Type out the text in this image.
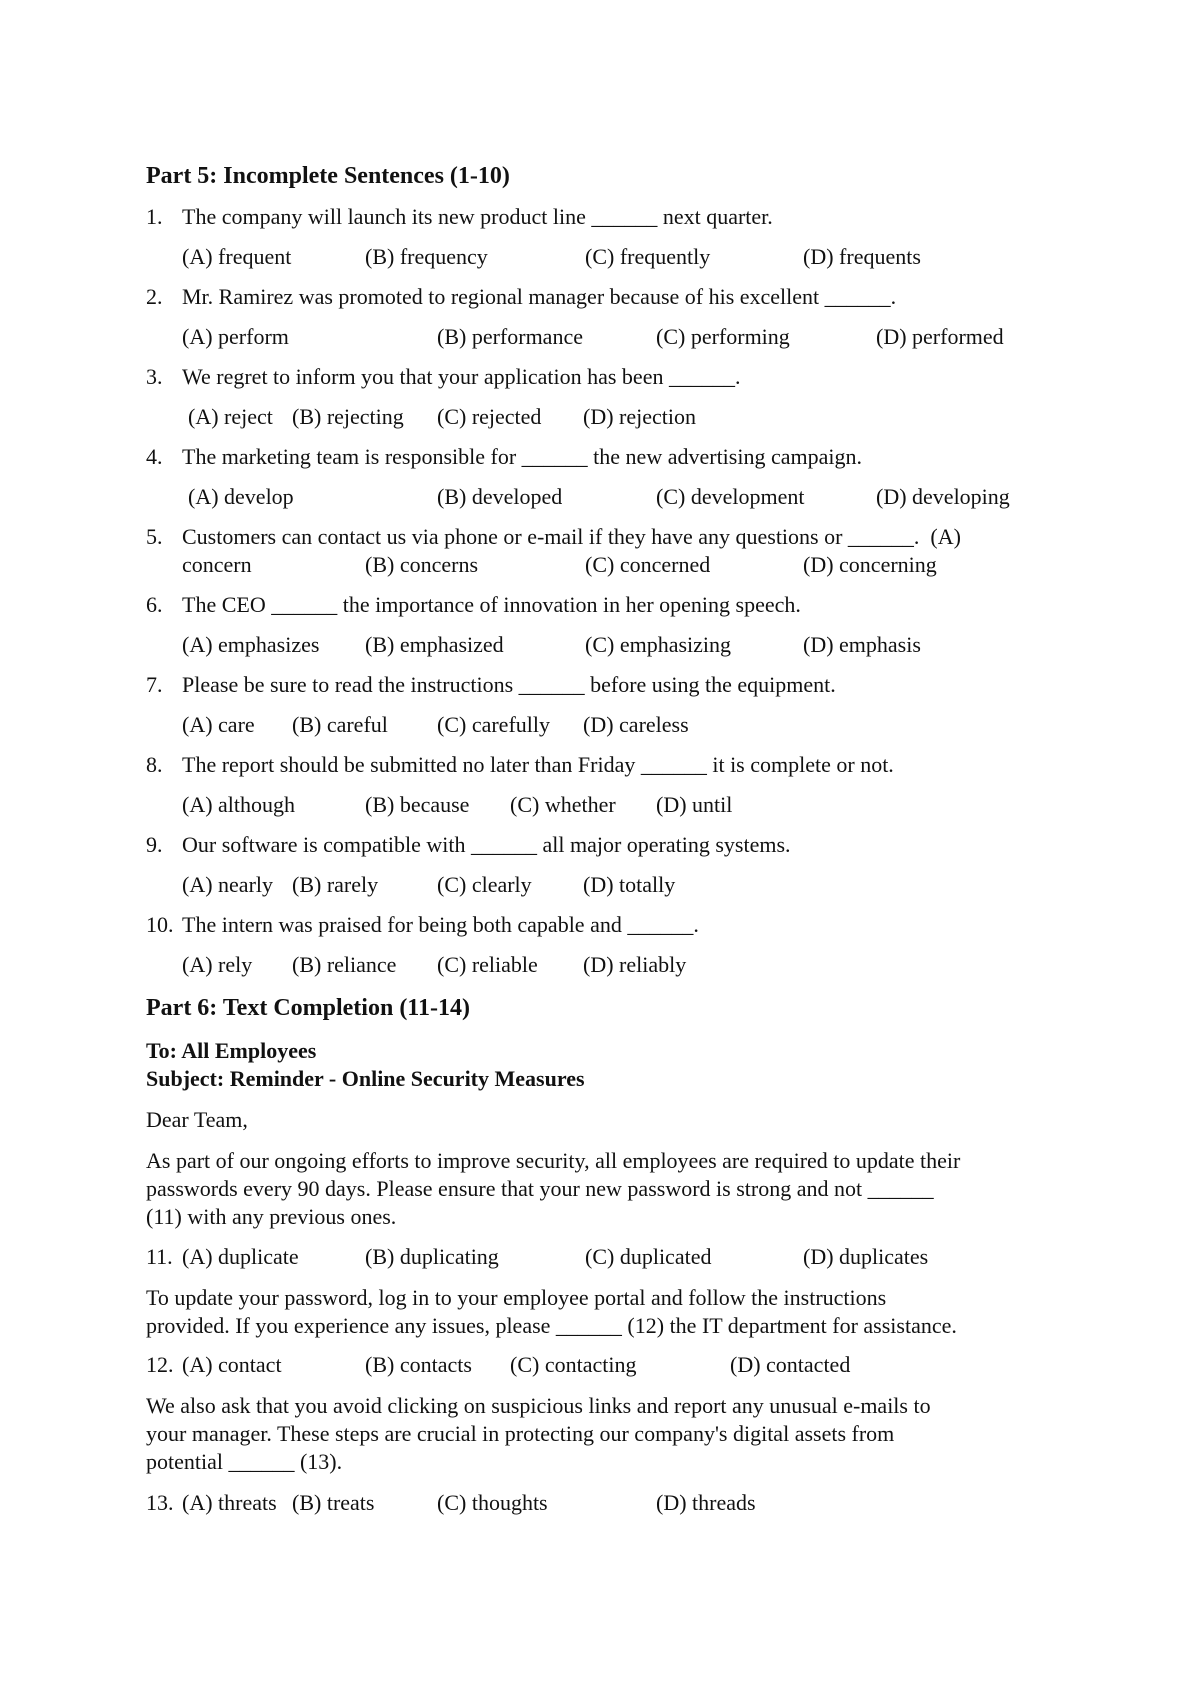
Part 5: Incomplete Sentences (1-10)
1. The company will launch its new product line ______ next quarter.
(A) frequent	(B) frequency	(C) frequently	(D) frequents
2. Mr. Ramirez was promoted to regional manager because of his excellent ______.
(A) perform	(B) performance	(C) performing	(D) performed
3. We regret to inform you that your application has been ______.
(A) reject (B) rejecting (C) rejected (D) rejection
4. The marketing team is responsible for ______ the new advertising campaign.
(A) develop	(B) developed	(C) development	(D) developing
5. Customers can contact us via phone or e-mail if they have any questions or ______.  (A)
concern	(B) concerns	(C) concerned	(D) concerning
6. The CEO ______ the importance of innovation in her opening speech.
(A) emphasizes (B) emphasized	(C) emphasizing	(D) emphasis
7. Please be sure to read the instructions ______ before using the equipment.
(A) care (B) careful (C) carefully (D) careless
8. The report should be submitted no later than Friday ______ it is complete or not.
(A) although	(B) because (C) whether (D) until
9. Our software is compatible with ______ all major operating systems.
(A) nearly (B) rarely	(C) clearly (D) totally
10. The intern was praised for being both capable and ______.
(A) rely (B) reliance (C) reliable (D) reliably
Part 6: Text Completion (11-14)
To: All Employees
Subject: Reminder - Online Security Measures
Dear Team,
As part of our ongoing efforts to improve security, all employees are required to update their
passwords every 90 days. Please ensure that your new password is strong and not ______
(11) with any previous ones.
11. (A) duplicate	(B) duplicating	(C) duplicated	(D) duplicates
To update your password, log in to your employee portal and follow the instructions
provided. If you experience any issues, please ______ (12) the IT department for assistance.
12. (A) contact	(B) contacts (C) contacting	(D) contacted
We also ask that you avoid clicking on suspicious links and report any unusual e-mails to
your manager. These steps are crucial in protecting our company's digital assets from
potential ______ (13).
13. (A) threats (B) treats	(C) thoughts	(D) threads
